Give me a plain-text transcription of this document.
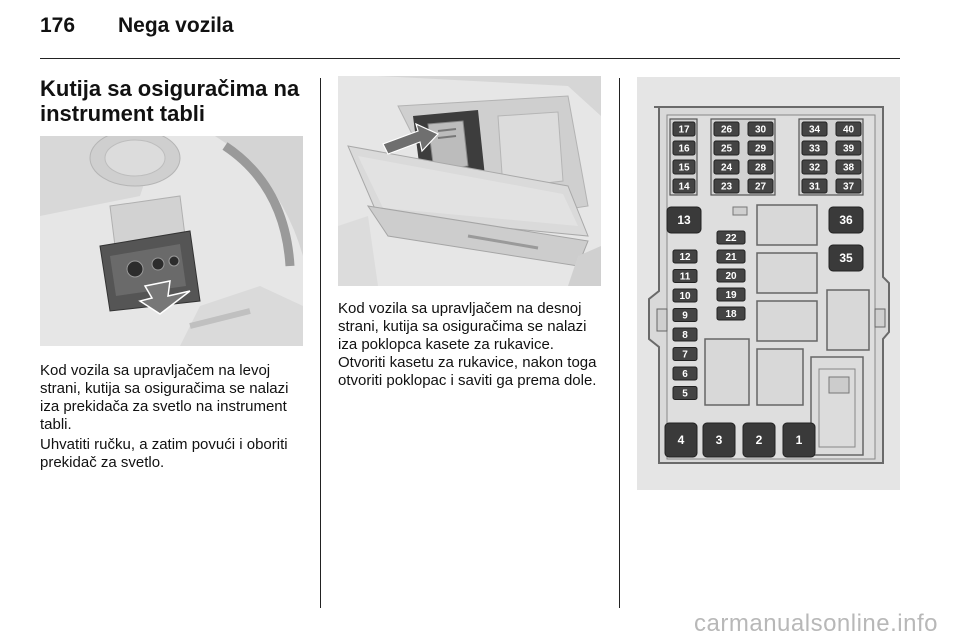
176	Nega vozila
Kutija sa osiguračima na instrument tabli

Kod vozila sa upravljačem na levoj strani, kutija sa osiguračima se nalazi iza prekidača za svetlo na instrument tabli.

Uhvatiti ručku, a zatim povući i oboriti prekidač za svetlo.

Kod vozila sa upravljačem na desnoj strani, kutija sa osiguračima se nalazi iza poklopca kasete za rukavice. Otvoriti kasetu za rukavice, nakon toga otvoriti poklopac i saviti ga prema dole.

17
16
15
14
26
25
24
23
30
29
28
27
34
33
32
31
40
39
38
37
13	36
35
12
11
10
9
8
7
6
5
22
21
20
19
18
4	3	2	1
carmanualsonline.info
